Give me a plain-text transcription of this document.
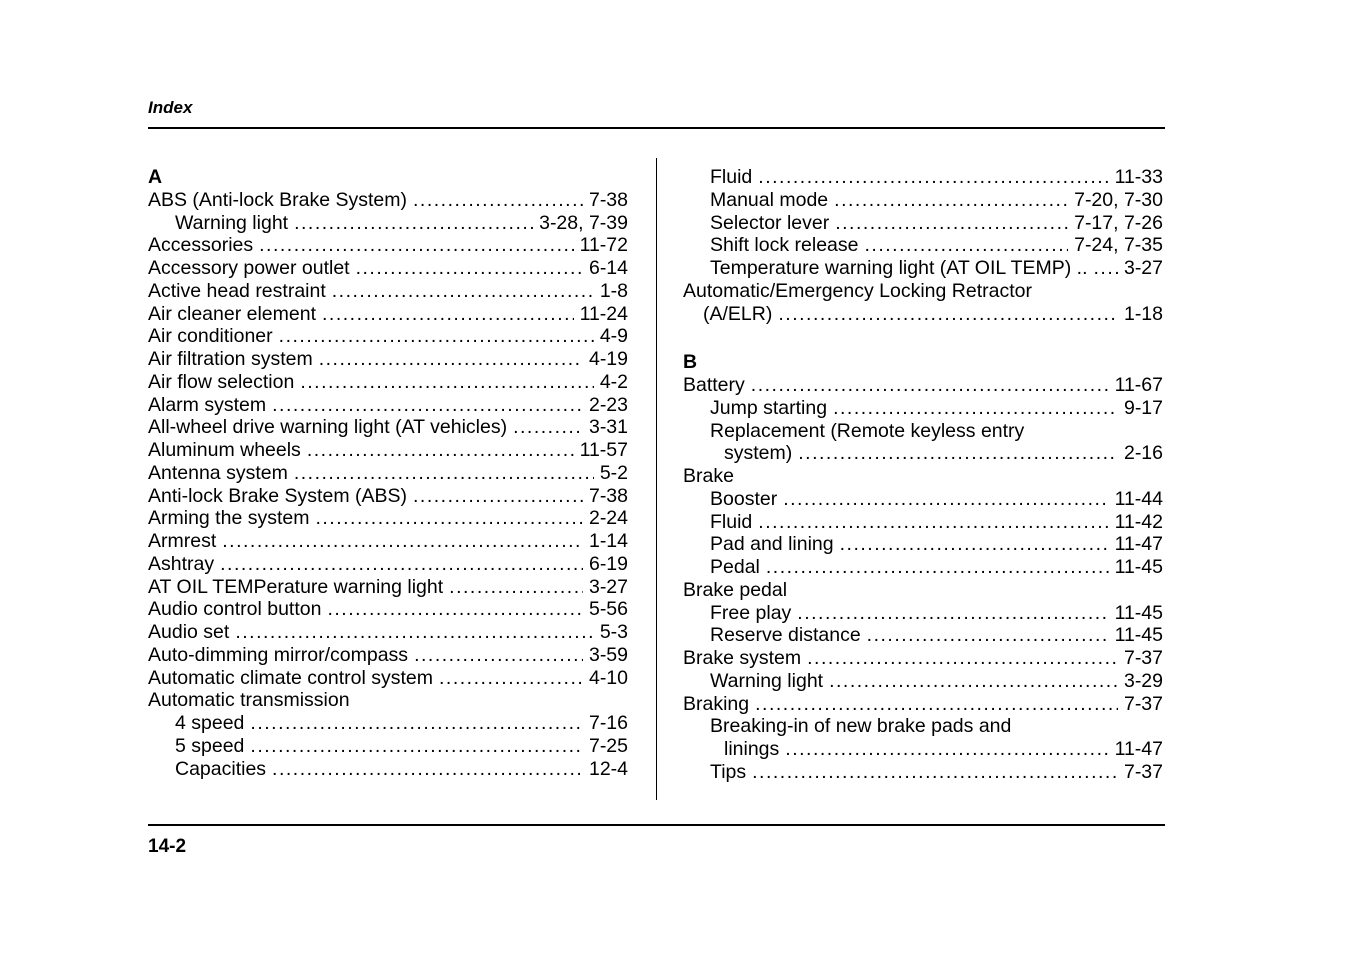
Index
A
ABS (Anti-lock Brake System) .....	7-38
Warning light .....	3-28, 7-39
Accessories .....	11-72
Accessory power outlet .....	6-14
Active head restraint .....	1-8
Air cleaner element .....	11-24
Air conditioner .....	4-9
Air filtration system .....	4-19
Air flow selection .....	4-2
Alarm system .....	2-23
All-wheel drive warning light (AT vehicles) .....	3-31
Aluminum wheels .....	11-57
Antenna system .....	5-2
Anti-lock Brake System (ABS) .....	7-38
Arming the system .....	2-24
Armrest .....	1-14
Ashtray .....	6-19
AT OIL TEMPerature warning light .....	3-27
Audio control button .....	5-56
Audio set .....	5-3
Auto-dimming mirror/compass .....	3-59
Automatic climate control system .....	4-10
Automatic transmission
4 speed .....	7-16
5 speed .....	7-25
Capacities .....	12-4
Fluid .....	11-33
Manual mode .....	7-20, 7-30
Selector lever .....	7-17, 7-26
Shift lock release .....	7-24, 7-35
Temperature warning light (AT OIL TEMP) .. ..... 3-27
Automatic/Emergency Locking Retractor
(A/ELR) .....	1-18
B
Battery .....	11-67
Jump starting .....	9-17
Replacement (Remote keyless entry
system) .....	2-16
Brake
Booster .....	11-44
Fluid .....	11-42
Pad and lining .....	11-47
Pedal .....	11-45
Brake pedal
Free play .....	11-45
Reserve distance .....	11-45
Brake system .....	7-37
Warning light .....	3-29
Braking .....	7-37
Breaking-in of new brake pads and
linings .....	11-47
Tips .....	7-37
14-2
